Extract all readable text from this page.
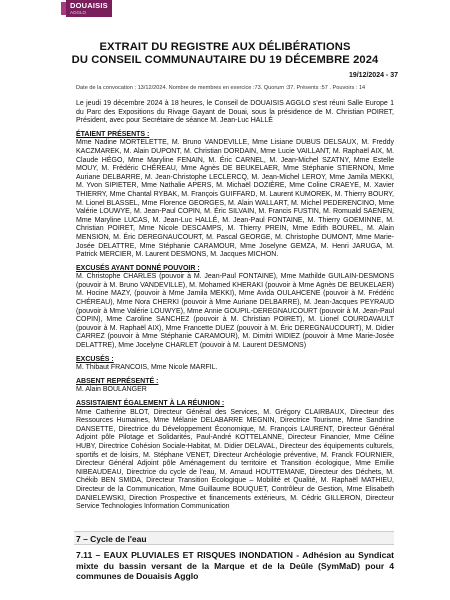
DOUAISIS
AGGLO
EXTRAIT DU REGISTRE AUX DÉLIBÉRATIONS
DU CONSEIL COMMUNAUTAIRE DU 19 DÉCEMBRE 2024
19/12/2024 - 37
Date de la convocation : 13/12/2024. Nombre de membres en exercice :73. Quorum :37. Présents :57 . Pouvoirs : 14

Le jeudi 19 décembre 2024 à 18 heures, le Conseil de DOUAISIS AGGLO s'est réuni Salle Europe 1 du Parc des Expositions du Rivage Gayant de Douai, sous la présidence de M. Christian POIRET, Président, avec pour Secrétaire de séance M. Jean-Luc HALLÉ

ÉTAIENT PRÉSENTS :
Mme Nadine MORTELETTE, M. Bruno VANDEVILLE, Mme Lisiane DUBUS DELSAUX, M. Freddy KACZMAREK, M. Alain DUPONT, M. Christian DORDAIN, Mme Lucie VAILLANT, M. Raphaël AIX, M. Claude HÉGO, Mme Maryline FENAIN, M. Éric CARNEL, M. Jean-Michel SZATNY, Mme Estelle MOUY, M. Frédéric CHÉREAU, Mme Agnès DE BEUKELAER, Mme Stéphanie STIERNON, Mme Auriane DELBARRE, M. Jean-Christophe LECLERCQ, M. Jean-Michel LEROY, Mme Jamila MEKKI, M. Yvon SIPIETER, Mme Nathalie APERS, M. Michaël DOZIÈRE, Mme Coline CRAEYE, M. Xavier THIERRY, Mme Chantal RYBAK, M. François GUIFFARD, M. Laurent KUMOREK, M. Thierry BOURY, M. Lionel BLASSEL, Mme Florence GEORGES, M. Alain WALLART, M. Michel PEDERENCINO, Mme Valérie LOUWYE, M. Jean-Paul COPIN, M. Éric SILVAIN, M. Francis FUSTIN, M. Romuald SAENEN, Mme Maryline LUCAS, M. Jean-Luc HALLÉ, M. Jean-Paul FONTAINE, M. Thierry GOEMINNE, M. Christian POIRET, Mme Nicole DESCAMPS, M. Thierry PREIN, Mme Edith BOUREL, M. Alain MENSION, M. Éric DEREGNAUCOURT, M. Pascal GEORGE, M. Christophe DUMONT, Mme Marie-Josée DELATTRE, Mme Stéphanie CARAMOUR, Mme Joselyne GEMZA, M. Henri JARUGA, M. Patrick MERCIER, M. Laurent DESMONS, M. Jacques MICHON.
EXCUSÉS AYANT DONNÉ POUVOIR :
M. Christophe CHARLES (pouvoir à M. Jean-Paul FONTAINE), Mme Mathilde GUILAIN-DESMONS (pouvoir à M. Bruno VANDEVILLE), M. Mohamed KHERAKI (pouvoir à Mme Agnès DE BEUKELAER) M. Hocine MAZY, (pouvoir à Mme Jamila MEKKI), Mme Avida OULAHCENE (pouvoir à M. Frédéric CHÉREAU), Mme Nora CHERKI (pouvoir à Mme Auriane DELBARRE), M. Jean-Jacques PEYRAUD (pouvoir à Mme Valérie LOUWYE), Mme Annie GOUPIL-DEREGNAUCOURT (pouvoir à M. Jean-Paul COPIN), Mme Caroline SANCHEZ (pouvoir à M. Christian POIRET), M. Lionel COURDAVAULT (pouvoir à M. Raphaël AIX), Mme Francette DUEZ (pouvoir à M. Éric DEREGNAUCOURT), M. Didier CARREZ (pouvoir à Mme Stéphanie CARAMOUR), M. Dimitri WIDIEZ (pouvoir à Mme Marie-Josée DELATTRE), Mme Jocelyne CHARLET (pouvoir à M. Laurent DESMONS)
EXCUSÉS :
M. Thibaut FRANCOIS, Mme Nicole MARFIL.
ABSENT REPRÉSENTÉ :
M. Alain BOULANGER
ASSISTAIENT ÉGALEMENT À LA RÉUNION :
Mme Catherine BLOT, Directeur Général des Services, M. Grégory CLAIRBAUX, Directeur des Ressources Humaines, Mme Mélanie DELABARRE MEGNIN, Directrice Tourisme, Mme Sandrine DANSETTE, Directrice du Développement Économique, M. François LAURENT, Directeur Général Adjoint pôle Pilotage et Solidarités, Paul-André KOTTELANNE, Directeur Financier, Mme Céline HUBY, Directrice Cohésion Sociale-Habitat, M. Didier DELAVAL, Directeur des équipements culturels, sportifs et de loisirs, M. Stéphane VENET, Directeur Archéologie préventive, M. Franck FOURNIER, Directeur Général Adjoint pôle Aménagement du territoire et Transition écologique, Mme Emilie NIBEAUDEAU, Directrice du cycle de l'eau, M. Arnaud HOUTTEMANE, Directeur des Déchets, M. Chékib BEN SMIDA, Directeur Transition Écologique – Mobilité et Qualité, M. Raphaël MATHIEU, Directeur de la Communication, Mme Guillaume BOUQUET, Contrôleur de Gestion, Mme Elisabeth DANIELEWSKI, Direction Prospective et financements extérieurs, M. Cédric GILLERON, Directeur Service Technologies Information Communication
7 – Cycle de l'eau
7.11 – EAUX PLUVIALES ET RISQUES INONDATION - Adhésion au Syndicat mixte du bassin versant de la Marque et de la Deûle (SymMaD) pour 4 communes de Douaisis Agglo
